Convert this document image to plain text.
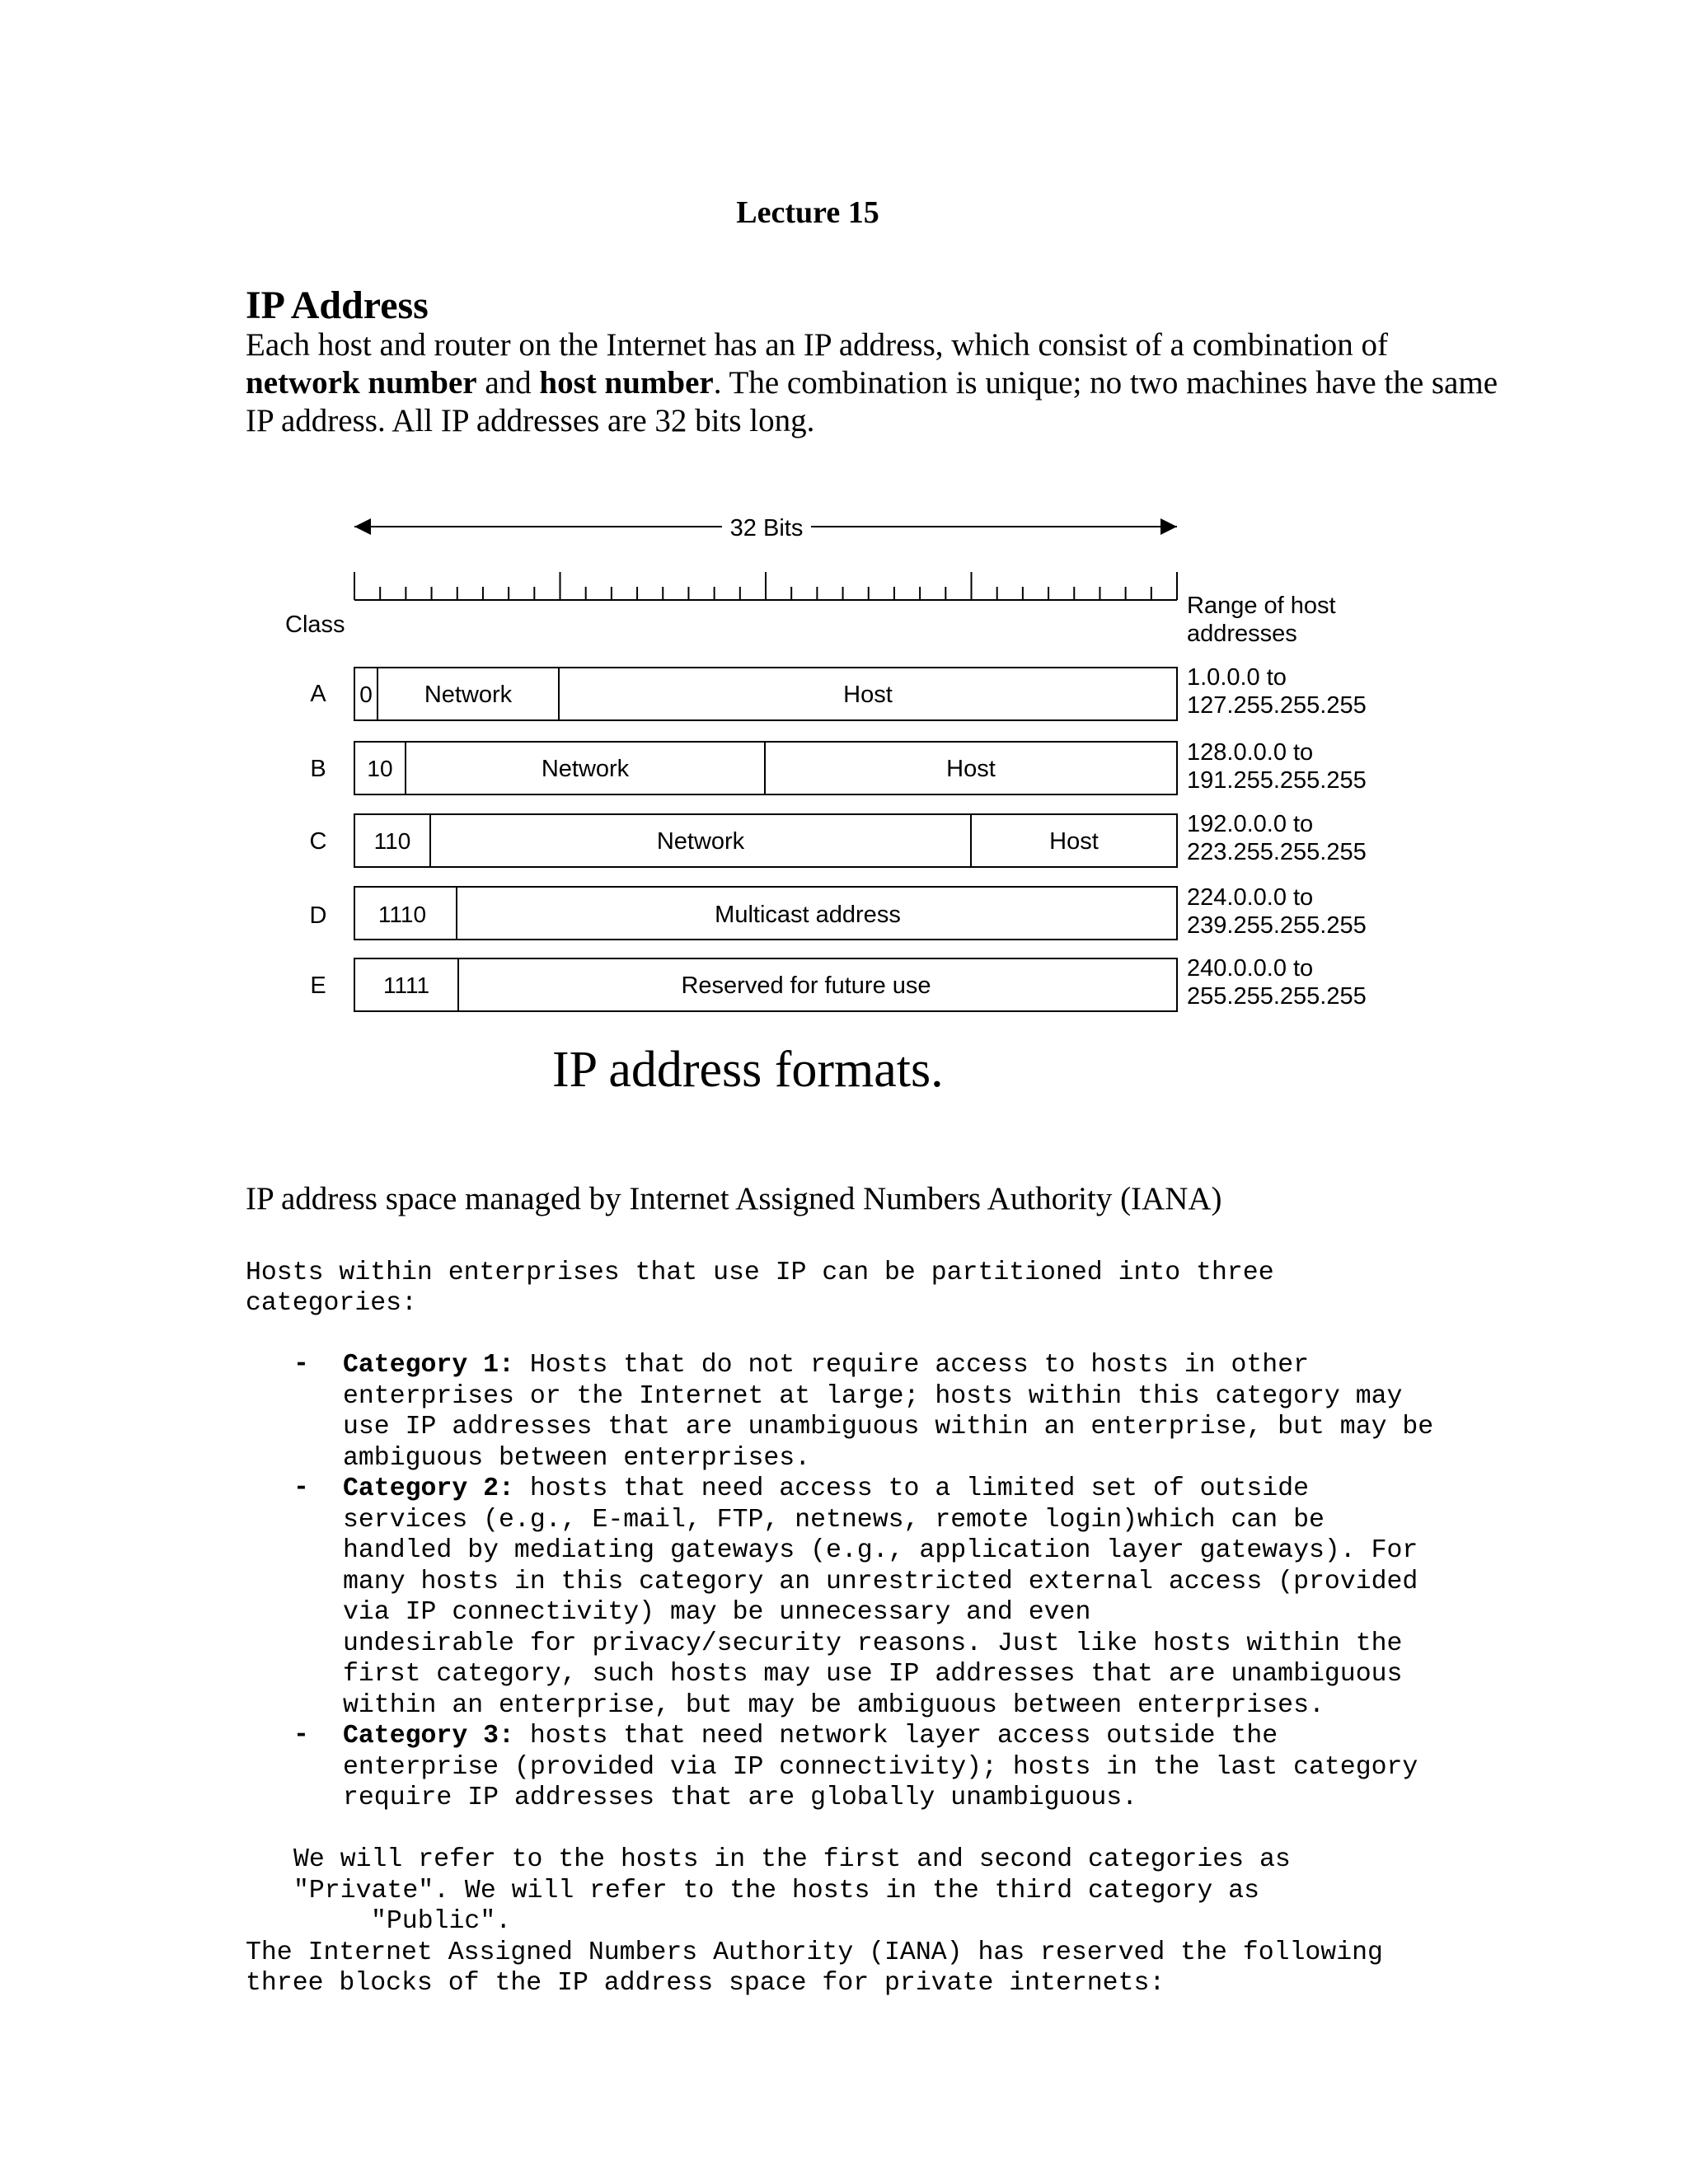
Lecture 15
IP Address
Each host and router on the Internet has an IP address, which consist of a combination of network number and host number. The combination is unique; no two machines have the same IP address. All IP addresses are 32 bits long.
32 Bits
Class
Range of host
addresses
A 0 Network	Host
1.0.0.0 to
127.255.255.255
B 10	Network	Host
128.0.0.0 to
191.255.255.255
C 110	Network	Host
192.0.0.0 to
223.255.255.255
D 1110	Multicast address
224.0.0.0 to
239.255.255.255
E 1111	Reserved for future use
240.0.0.0 to
255.255.255.255
IP address formats.
IP address space managed by Internet Assigned Numbers Authority (IANA)
Hosts within enterprises that use IP can be partitioned into three
categories:
- Category 1: Hosts that do not require access to hosts in other
enterprises or the Internet at large; hosts within this category may
use IP addresses that are unambiguous within an enterprise, but may be
ambiguous between enterprises.
- Category 2: hosts that need access to a limited set of outside
services (e.g., E-mail, FTP, netnews, remote login)which can be
handled by mediating gateways (e.g., application layer gateways). For
many hosts in this category an unrestricted external access (provided
via IP connectivity) may be unnecessary and even
undesirable for privacy/security reasons. Just like hosts within the
first category, such hosts may use IP addresses that are unambiguous
within an enterprise, but may be ambiguous between enterprises.
- Category 3: hosts that need network layer access outside the
enterprise (provided via IP connectivity); hosts in the last category
require IP addresses that are globally unambiguous.
We will refer to the hosts in the first and second categories as
"Private". We will refer to the hosts in the third category as
"Public".
The Internet Assigned Numbers Authority (IANA) has reserved the following
three blocks of the IP address space for private internets:
